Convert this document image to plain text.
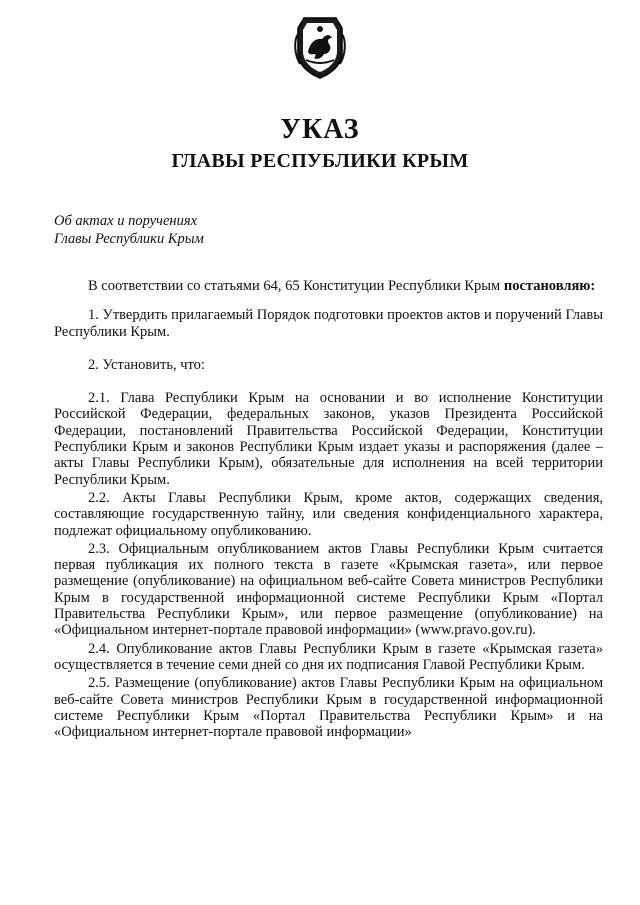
УКАЗ
ГЛАВЫ РЕСПУБЛИКИ КРЫМ
Об актах и поручениях
Главы Республики Крым

В соответствии со статьями 64, 65 Конституции Республики Крым постановляю:

1. Утвердить прилагаемый Порядок подготовки проектов актов и поручений Главы Республики Крым.

2. Установить, что:

2.1. Глава Республики Крым на основании и во исполнение Конституции Российской Федерации, федеральных законов, указов Президента Российской Федерации, постановлений Правительства Российской Федерации, Конституции Республики Крым и законов Республики Крым издает указы и распоряжения (далее – акты Главы Республики Крым), обязательные для исполнения на всей территории Республики Крым.

2.2. Акты Главы Республики Крым, кроме актов, содержащих сведения, составляющие государственную тайну, или сведения конфиденциального характера, подлежат официальному опубликованию.

2.3. Официальным опубликованием актов Главы Республики Крым считается первая публикация их полного текста в газете «Крымская газета», или первое размещение (опубликование) на официальном веб-сайте Совета министров Республики Крым в государственной информационной системе Республики Крым «Портал Правительства Республики Крым», или первое размещение (опубликование) на «Официальном интернет-портале правовой информации» (www.pravo.gov.ru).

2.4. Опубликование актов Главы Республики Крым в газете «Крымская газета» осуществляется в течение семи дней со дня их подписания Главой Республики Крым.

2.5. Размещение (опубликование) актов Главы Республики Крым на официальном веб-сайте Совета министров Республики Крым в государственной информационной системе Республики Крым «Портал Правительства Республики Крым» и на «Официальном интернет-портале правовой информации»
